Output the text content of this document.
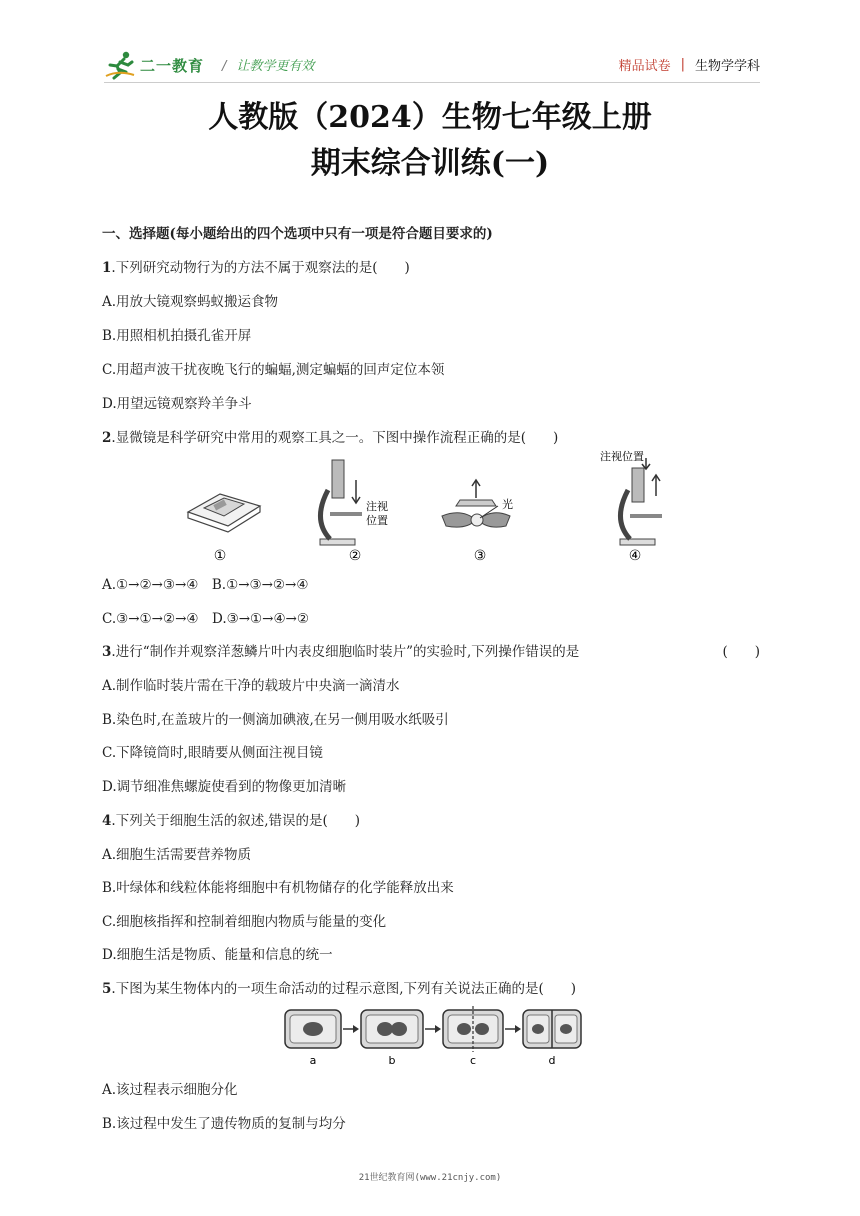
二一教育 / 让教学更有效	精品试卷 | 生物学学科
人教版（2024）生物七年级上册
期末综合训练(一)
一、选择题(每小题给出的四个选项中只有一项是符合题目要求的)
1.下列研究动物行为的方法不属于观察法的是(　　)
A.用放大镜观察蚂蚁搬运食物
B.用照相机拍摄孔雀开屏
C.用超声波干扰夜晚飞行的蝙蝠,测定蝙蝠的回声定位本领
D.用望远镜观察羚羊争斗
2.显微镜是科学研究中常用的观察工具之一。下图中操作流程正确的是(　　)
①
注视
位置
②
光
③
注视位置
④
A.①→②→③→④　B.①→③→②→④
C.③→①→②→④　D.③→①→④→②
3.进行“制作并观察洋葱鳞片叶内表皮细胞临时装片”的实验时,下列操作错误的是	(　　)
A.制作临时装片需在干净的载玻片中央滴一滴清水
B.染色时,在盖玻片的一侧滴加碘液,在另一侧用吸水纸吸引
C.下降镜筒时,眼睛要从侧面注视目镜
D.调节细准焦螺旋使看到的物像更加清晰
4.下列关于细胞生活的叙述,错误的是(　　)
A.细胞生活需要营养物质
B.叶绿体和线粒体能将细胞中有机物储存的化学能释放出来
C.细胞核指挥和控制着细胞内物质与能量的变化
D.细胞生活是物质、能量和信息的统一
5.下图为某生物体内的一项生命活动的过程示意图,下列有关说法正确的是(　　)
a	b	c	d
A.该过程表示细胞分化
B.该过程中发生了遗传物质的复制与均分
21世纪教育网(www.21cnjy.com)
